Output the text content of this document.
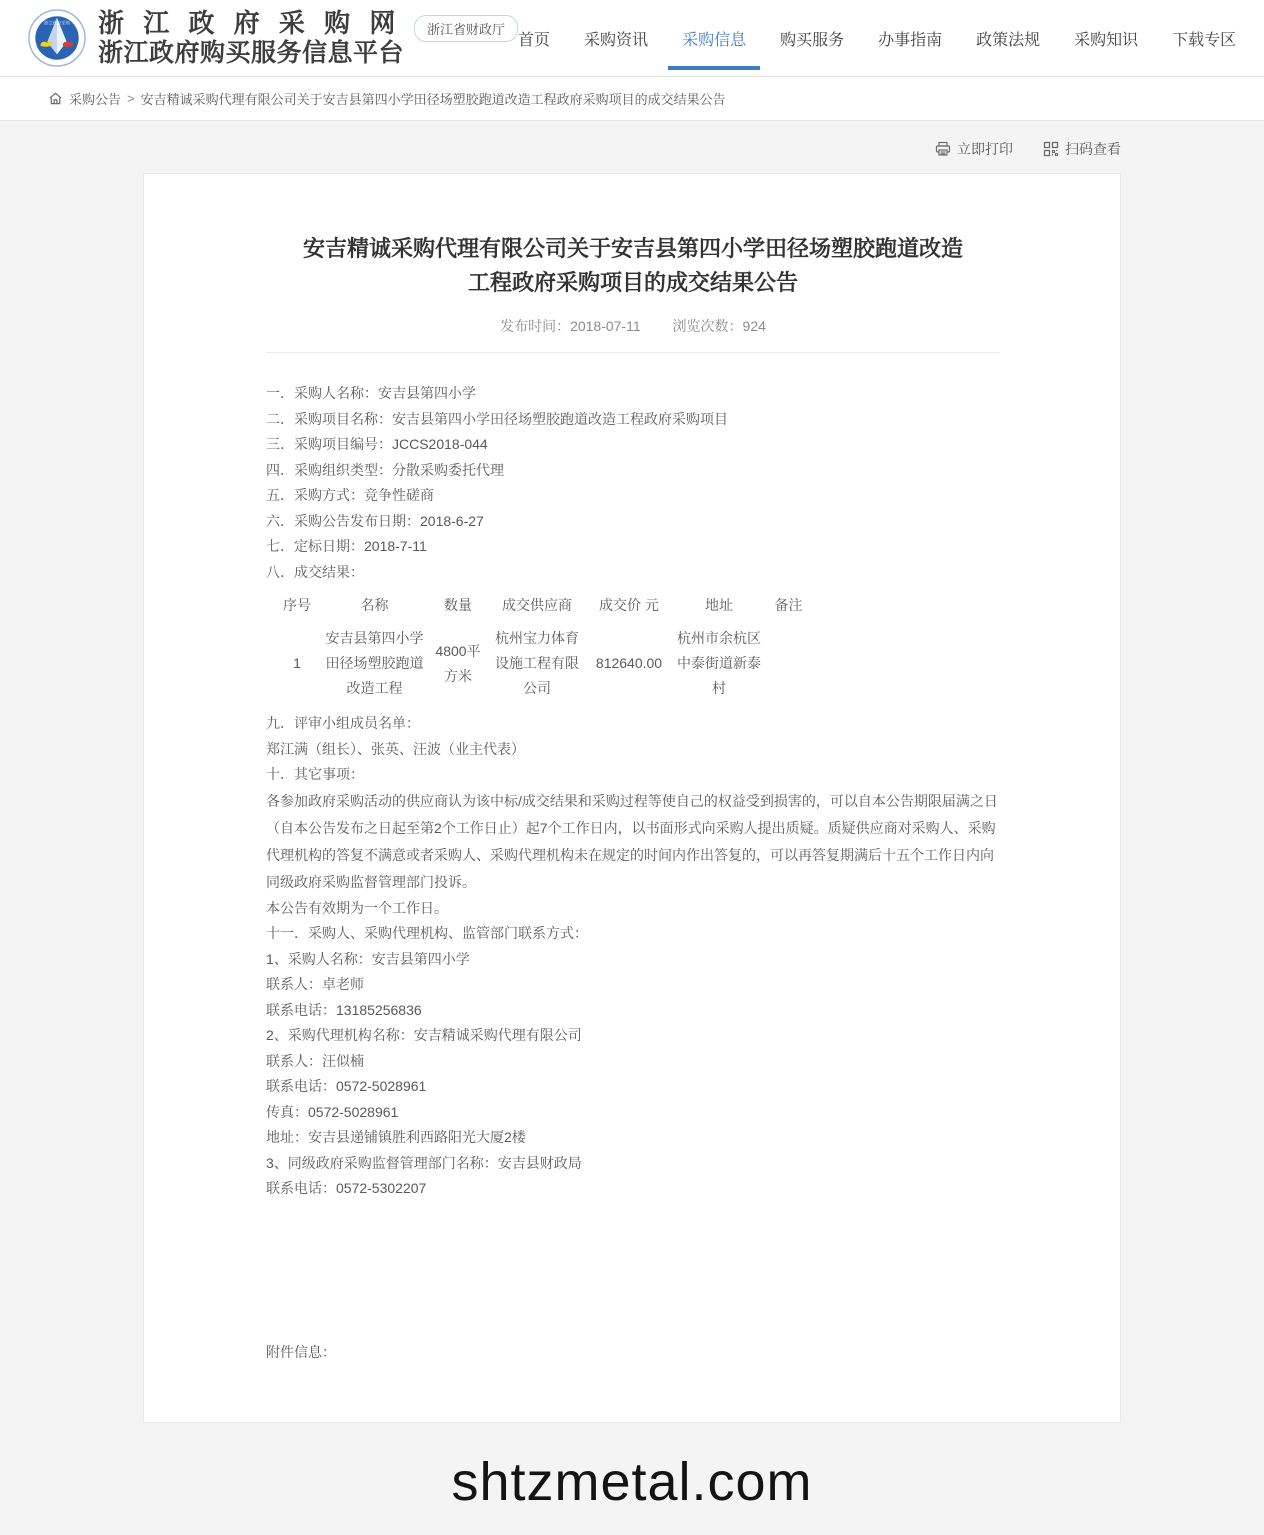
浙江政府采购 浙 江 政 府 采 购 网
浙江政府购买服务信息平台
浙江省财政厅
首页 采购资讯 采购信息 购买服务 办事指南 政策法规 采购知识 下载专区
采购公告 > 安吉精诚采购代理有限公司关于安吉县第四小学田径场塑胶跑道改造工程政府采购项目的成交结果公告
立即打印	扫码查看
安吉精诚采购代理有限公司关于安吉县第四小学田径场塑胶跑道改造
工程政府采购项目的成交结果公告
发布时间：2018-07-11 浏览次数：924

一．采购人名称：安吉县第四小学

二．采购项目名称：安吉县第四小学田径场塑胶跑道改造工程政府采购项目

三．采购项目编号：JCCS2018-044

四．采购组织类型：分散采购委托代理

五．采购方式：竞争性磋商

六．采购公告发布日期：2018-6-27

七．定标日期：2018-7-11

八．成交结果：

序号	名称	数量	成交供应商	成交价 元	地址	备注
1	安吉县第四小学田径场塑胶跑道改造工程	4800平方米	杭州宝力体育设施工程有限公司	812640.00	杭州市余杭区中泰街道新泰村	

九．评审小组成员名单：

郑江满（组长）、张英、汪波（业主代表）

十．其它事项：

各参加政府采购活动的供应商认为该中标/成交结果和采购过程等使自己的权益受到损害的，可以自本公告期限届满之日（自本公告发布之日起至第2个工作日止）起7个工作日内，以书面形式向采购人提出质疑。质疑供应商对采购人、采购代理机构的答复不满意或者采购人、采购代理机构未在规定的时间内作出答复的，可以再答复期满后十五个工作日内向同级政府采购监督管理部门投诉。

本公告有效期为一个工作日。

十一．采购人、采购代理机构、监管部门联系方式：

1、采购人名称：安吉县第四小学

联系人：卓老师

联系电话：13185256836

2、采购代理机构名称：安吉精诚采购代理有限公司

联系人：汪似楠

联系电话：0572-5028961

传真：0572-5028961

地址：安吉县递铺镇胜利西路阳光大厦2楼

3、同级政府采购监督管理部门名称：安吉县财政局

联系电话：0572-5302207

附件信息：
shtzmetal.com
